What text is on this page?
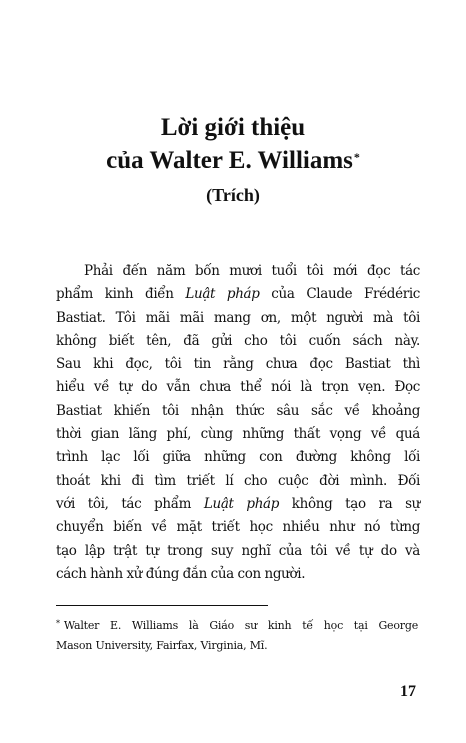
Lời giới thiệu
của Walter E. Williams*
(Trích)
Phải đến năm bốn mươi tuổi tôi mới đọc tác
phẩm kinh điển Luật pháp của Claude Frédéric
Bastiat. Tôi mãi mãi mang ơn, một người mà tôi
không biết tên, đã gửi cho tôi cuốn sách này.
Sau khi đọc, tôi tin rằng chưa đọc Bastiat thì
hiểu về tự do vẫn chưa thể nói là trọn vẹn. Đọc
Bastiat khiến tôi nhận thức sâu sắc về khoảng
thời gian lãng phí, cùng những thất vọng về quá
trình lạc lối giữa những con đường không lối
thoát khi đi tìm triết lí cho cuộc đời mình. Đối
với tôi, tác phẩm Luật pháp không tạo ra sự
chuyển biến về mặt triết học nhiều như nó từng
tạo lập trật tự trong suy nghĩ của tôi về tự do và
cách hành xử đúng đắn của con người.
* Walter E. Williams là Giáo sư kinh tế học tại George
Mason University, Fairfax, Virginia, Mĩ.
17
